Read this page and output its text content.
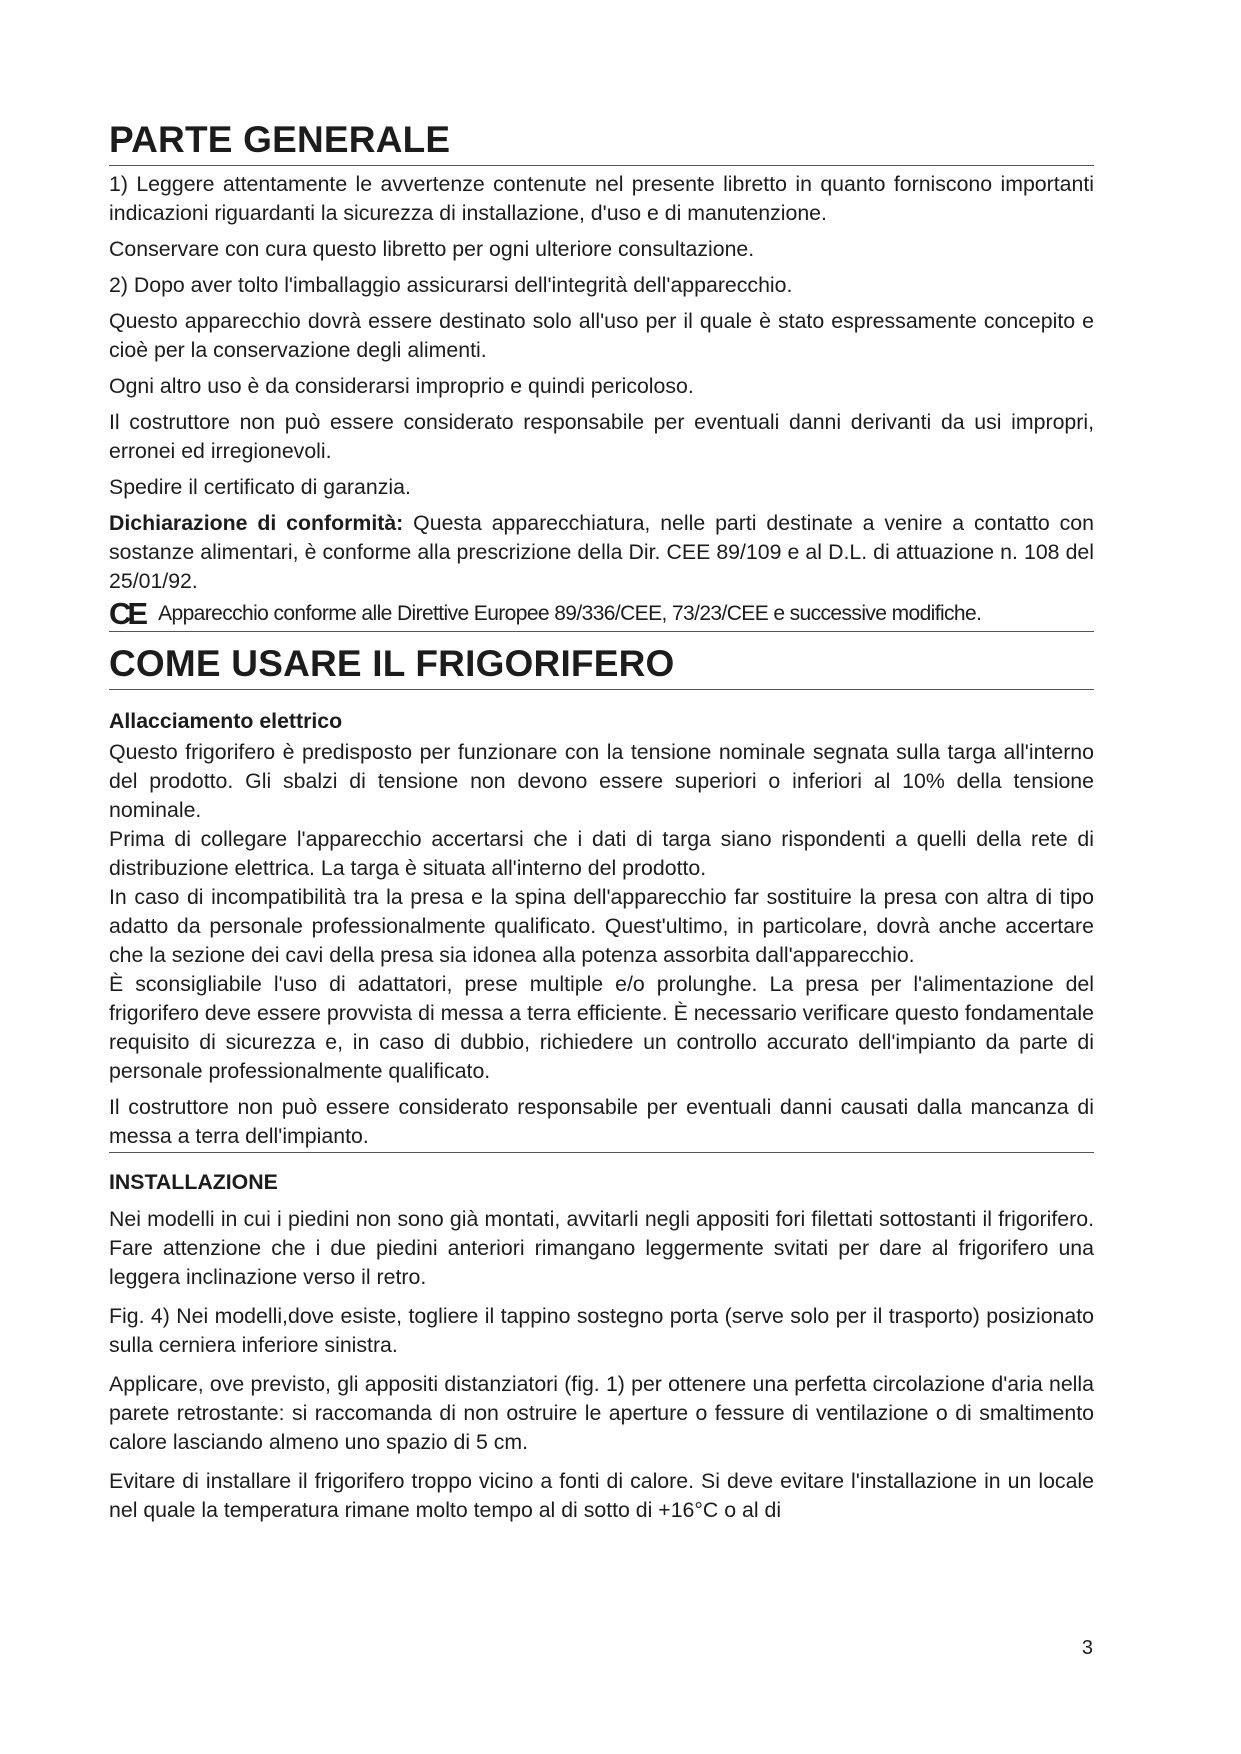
PARTE GENERALE

1) Leggere attentamente le avvertenze contenute nel presente libretto in quanto forniscono importanti indicazioni riguardanti la sicurezza di installazione, d'uso e di manutenzione.

Conservare con cura questo libretto per ogni ulteriore consultazione.

2) Dopo aver tolto l'imballaggio assicurarsi dell'integrità dell'apparecchio.

Questo apparecchio dovrà essere destinato solo all'uso per il quale è stato espressamente concepito e cioè per la conservazione degli alimenti.

Ogni altro uso è da considerarsi improprio e quindi pericoloso.

Il costruttore non può essere considerato responsabile per eventuali danni derivanti da usi impropri, erronei ed irregionevoli.

Spedire il certificato di garanzia.

Dichiarazione di conformità: Questa apparecchiatura, nelle parti destinate a venire a contatto con sostanze alimentari, è conforme alla prescrizione della Dir. CEE 89/109 e al D.L. di attuazione n. 108 del 25/01/92.

CE Apparecchio conforme alle Direttive Europee 89/336/CEE, 73/23/CEE e successive modifiche.
COME USARE IL FRIGORIFERO
Allacciamento elettrico

Questo frigorifero è predisposto per funzionare con la tensione nominale segnata sulla targa all'interno del prodotto. Gli sbalzi di tensione non devono essere superiori o inferiori al 10% della tensione nominale.

Prima di collegare l'apparecchio accertarsi che i dati di targa siano rispondenti a quelli della rete di distribuzione elettrica. La targa è situata all'interno del prodotto.

In caso di incompatibilità tra la presa e la spina dell'apparecchio far sostituire la presa con altra di tipo adatto da personale professionalmente qualificato. Quest'ultimo, in particolare, dovrà anche accertare che la sezione dei cavi della presa sia idonea alla potenza assorbita dall'apparecchio.

È sconsigliabile l'uso di adattatori, prese multiple e/o prolunghe. La presa per l'alimentazione del frigorifero deve essere provvista di messa a terra efficiente. È necessario verificare questo fondamentale requisito di sicurezza e, in caso di dubbio, richiedere un controllo accurato dell'impianto da parte di personale professionalmente qualificato.

Il costruttore non può essere considerato responsabile per eventuali danni causati dalla mancanza di messa a terra dell'impianto.

INSTALLAZIONE

Nei modelli in cui i piedini non sono già montati, avvitarli negli appositi fori filettati sottostanti il frigorifero. Fare attenzione che i due piedini anteriori rimangano leggermente svitati per dare al frigorifero una leggera inclinazione verso il retro.

Fig. 4) Nei modelli,dove esiste, togliere il tappino sostegno porta (serve solo per il trasporto) posizionato sulla cerniera inferiore sinistra.

Applicare, ove previsto, gli appositi distanziatori (fig. 1) per ottenere una perfetta circolazione d'aria nella parete retrostante: si raccomanda di non ostruire le aperture o fessure di ventilazione o di smaltimento calore lasciando almeno uno spazio di 5 cm.

Evitare di installare il frigorifero troppo vicino a fonti di calore. Si deve evitare l'installazione in un locale nel quale la temperatura rimane molto tempo al di sotto di +16°C o al di

3
